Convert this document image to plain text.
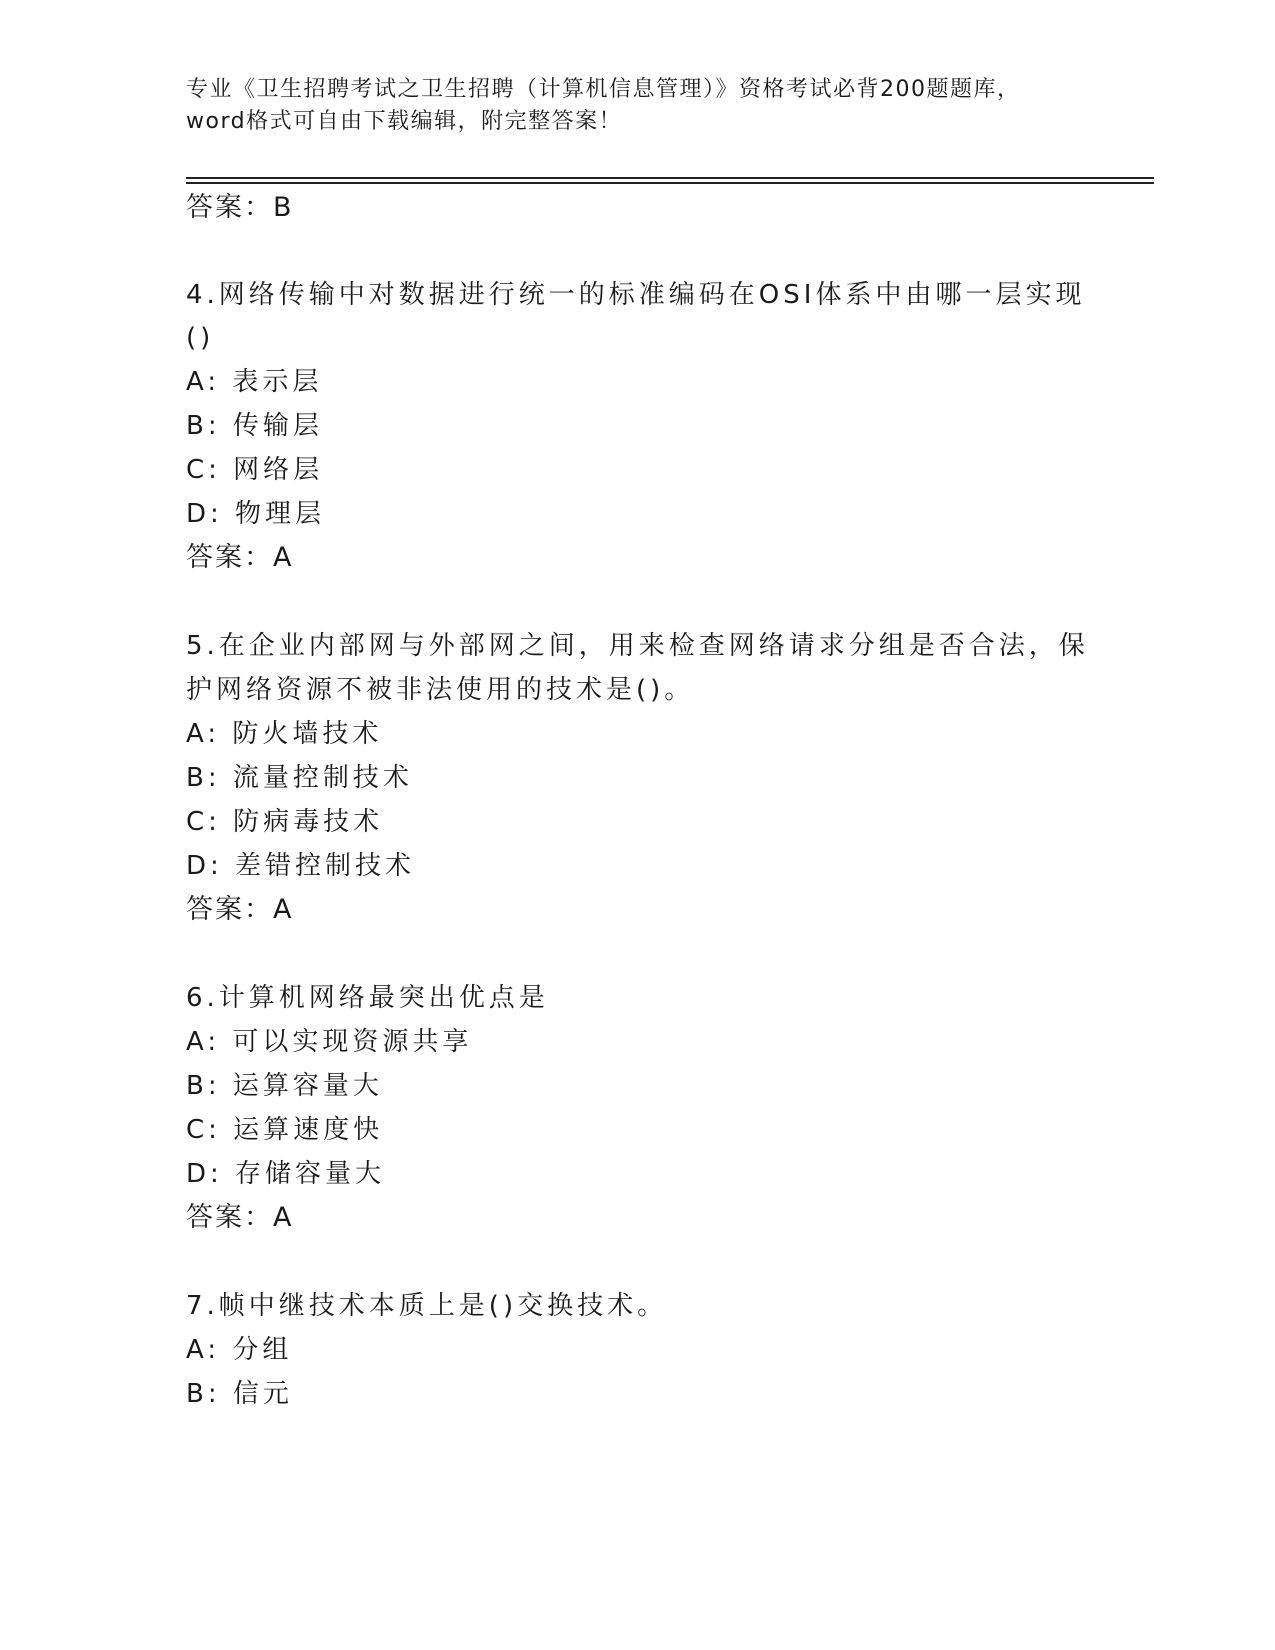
专业《卫生招聘考试之卫生招聘（计算机信息管理）》资格考试必背200题题库，
word格式可自由下载编辑，附完整答案！
答案：B
4.网络传输中对数据进行统一的标准编码在OSI体系中由哪一层实现
()
A: 表示层
B: 传输层
C: 网络层
D: 物理层
答案：A
5.在企业内部网与外部网之间，用来检查网络请求分组是否合法，保
护网络资源不被非法使用的技术是()。
A: 防火墙技术
B: 流量控制技术
C: 防病毒技术
D: 差错控制技术
答案：A
6.计算机网络最突出优点是
A: 可以实现资源共享
B: 运算容量大
C: 运算速度快
D: 存储容量大
答案：A
7.帧中继技术本质上是()交换技术。
A: 分组
B: 信元
